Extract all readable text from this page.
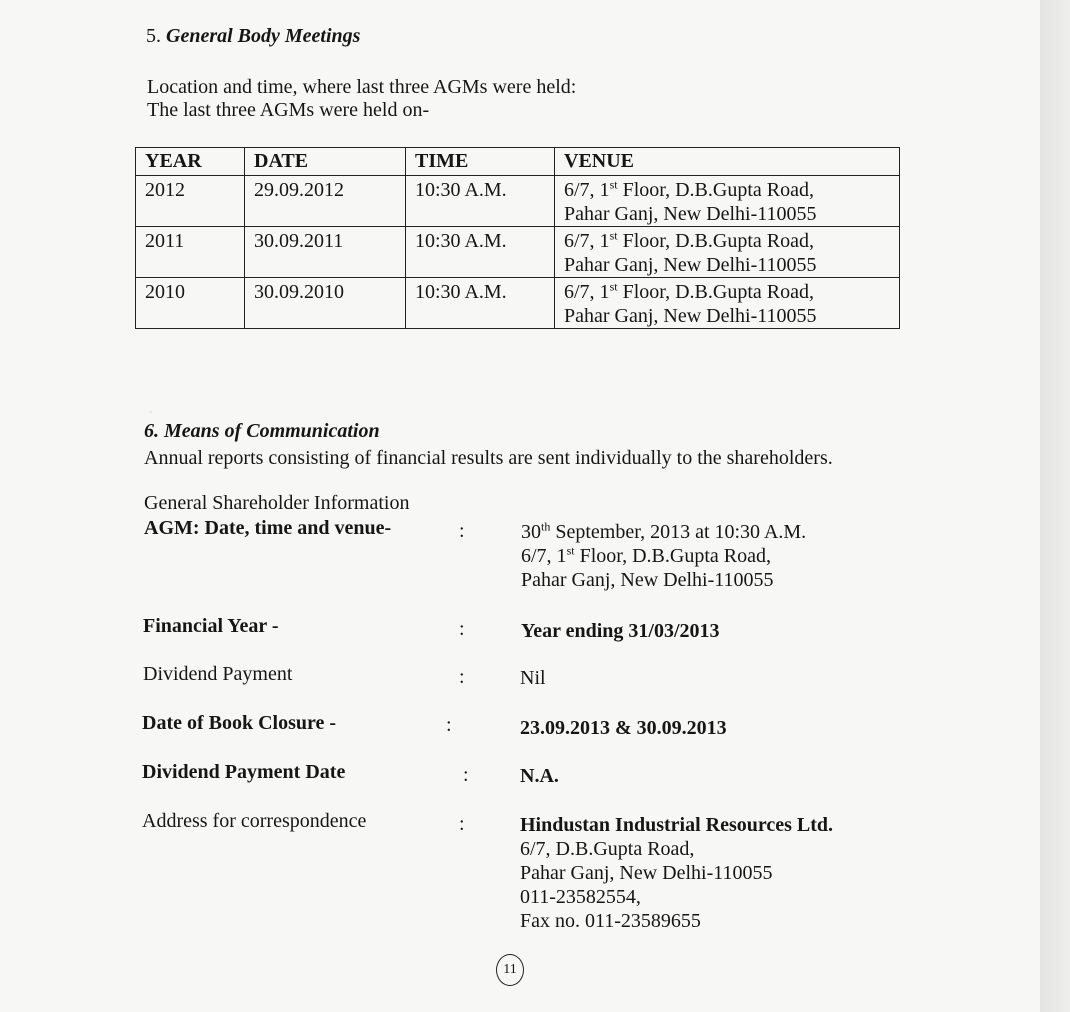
5. General Body Meetings
Location and time, where last three AGMs were held:
The last three AGMs were held on-
YEAR	DATE	TIME	VENUE
2012	29.09.2012	10:30 A.M.	6/7, 1st Floor, D.B.Gupta Road,
Pahar Ganj, New Delhi-110055
2011	30.09.2011	10:30 A.M.	6/7, 1st Floor, D.B.Gupta Road,
Pahar Ganj, New Delhi-110055
2010	30.09.2010	10:30 A.M.	6/7, 1st Floor, D.B.Gupta Road,
Pahar Ganj, New Delhi-110055
·
6. Means of Communication
Annual reports consisting of financial results are sent individually to the shareholders.
General Shareholder Information
AGM: Date, time and venue-	:	30th September, 2013 at 10:30 A.M.
6/7, 1st Floor, D.B.Gupta Road,
Pahar Ganj, New Delhi-110055
Financial Year -	:	Year ending 31/03/2013
Dividend Payment	:	Nil
Date of Book Closure -	:	23.09.2013 & 30.09.2013
Dividend Payment Date	:	N.A.
Address for correspondence	:	Hindustan Industrial Resources Ltd.
6/7, D.B.Gupta Road,
Pahar Ganj, New Delhi-110055
011-23582554,
Fax no. 011-23589655
11
